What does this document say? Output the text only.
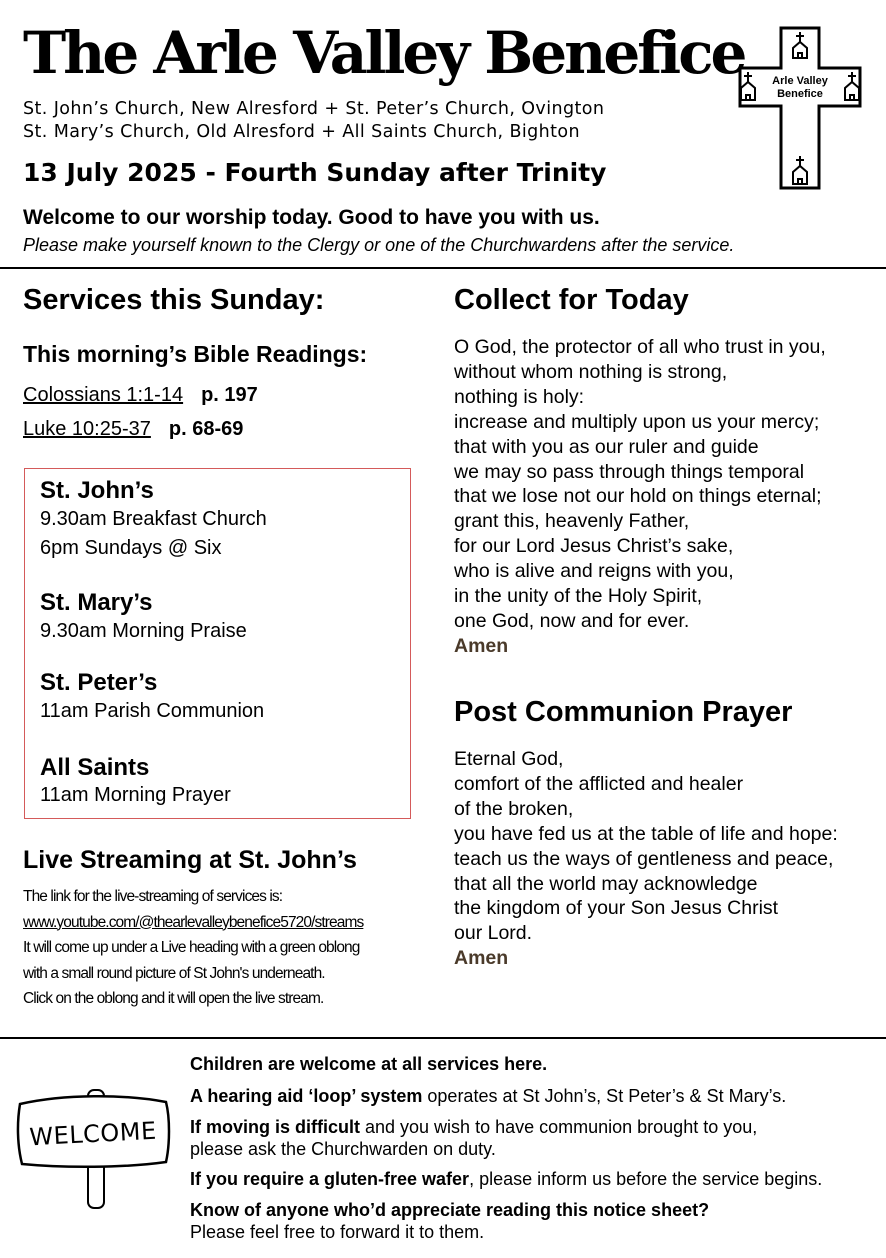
The Arle Valley Benefice
St. John’s Church, New Alresford + St. Peter’s Church, Ovington
St. Mary’s Church, Old Alresford + All Saints Church, Bighton
13 July 2025 - Fourth Sunday after Trinity
Welcome to our worship today. Good to have you with us.
Please make yourself known to the Clergy or one of the Churchwardens after the service.
Arle Valley
Benefice
Services this Sunday:
This morning’s Bible Readings:
Colossians 1:1-14 p. 197
Luke 10:25-37 p. 68-69
St. John’s
9.30am Breakfast Church
6pm Sundays @ Six
St. Mary’s
9.30am Morning Praise
St. Peter’s
11am Parish Communion
All Saints
11am Morning Prayer
Live Streaming at St. John’s
The link for the live-streaming of services is:
www.youtube.com/@thearlevalleybenefice5720/streams
It will come up under a Live heading with a green oblong
with a small round picture of St John's underneath.
Click on the oblong and it will open the live stream.
Collect for Today
O God, the protector of all who trust in you,
without whom nothing is strong,
nothing is holy:
increase and multiply upon us your mercy;
that with you as our ruler and guide
we may so pass through things temporal
that we lose not our hold on things eternal;
grant this, heavenly Father,
for our Lord Jesus Christ’s sake,
who is alive and reigns with you,
in the unity of the Holy Spirit,
one God, now and for ever.
Amen
Post Communion Prayer
Eternal God,
comfort of the afflicted and healer
of the broken,
you have fed us at the table of life and hope:
teach us the ways of gentleness and peace,
that all the world may acknowledge
the kingdom of your Son Jesus Christ
our Lord.
Amen
WELCOME
Children are welcome at all services here.
A hearing aid ‘loop’ system operates at St John’s, St Peter’s & St Mary’s.
If moving is difficult and you wish to have communion brought to you,
please ask the Churchwarden on duty.
If you require a gluten-free wafer, please inform us before the service begins.
Know of anyone who’d appreciate reading this notice sheet?
Please feel free to forward it to them.
